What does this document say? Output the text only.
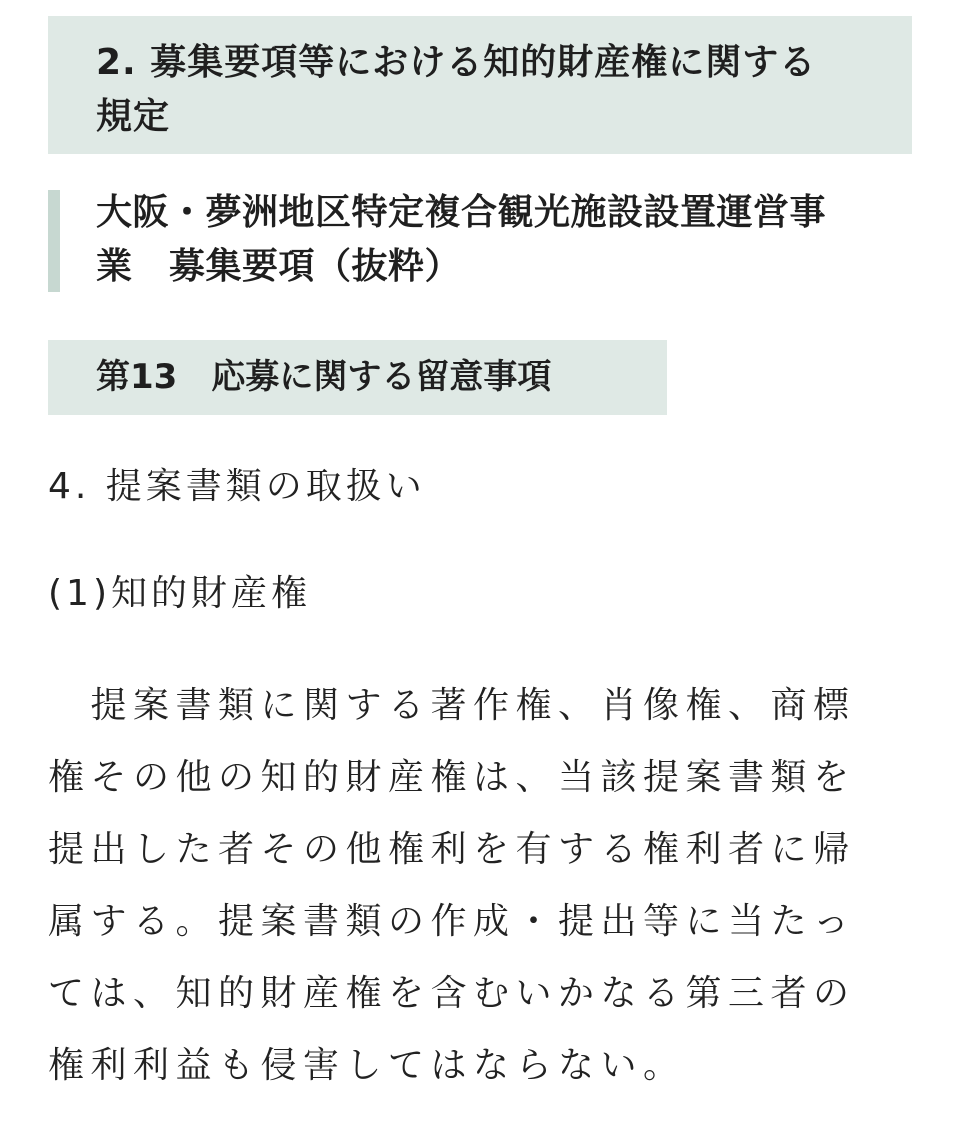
2. 募集要項等における知的財産権に関する
規定
大阪・夢洲地区特定複合観光施設設置運営事
業　募集要項（抜粋）
第13　応募に関する留意事項

4. 提案書類の取扱い

(1)知的財産権

　提案書類に関する著作権、肖像権、商標
権その他の知的財産権は、当該提案書類を
提出した者その他権利を有する権利者に帰
属する。提案書類の作成・提出等に当たっ
ては、知的財産権を含むいかなる第三者の
権利利益も侵害してはならない。
